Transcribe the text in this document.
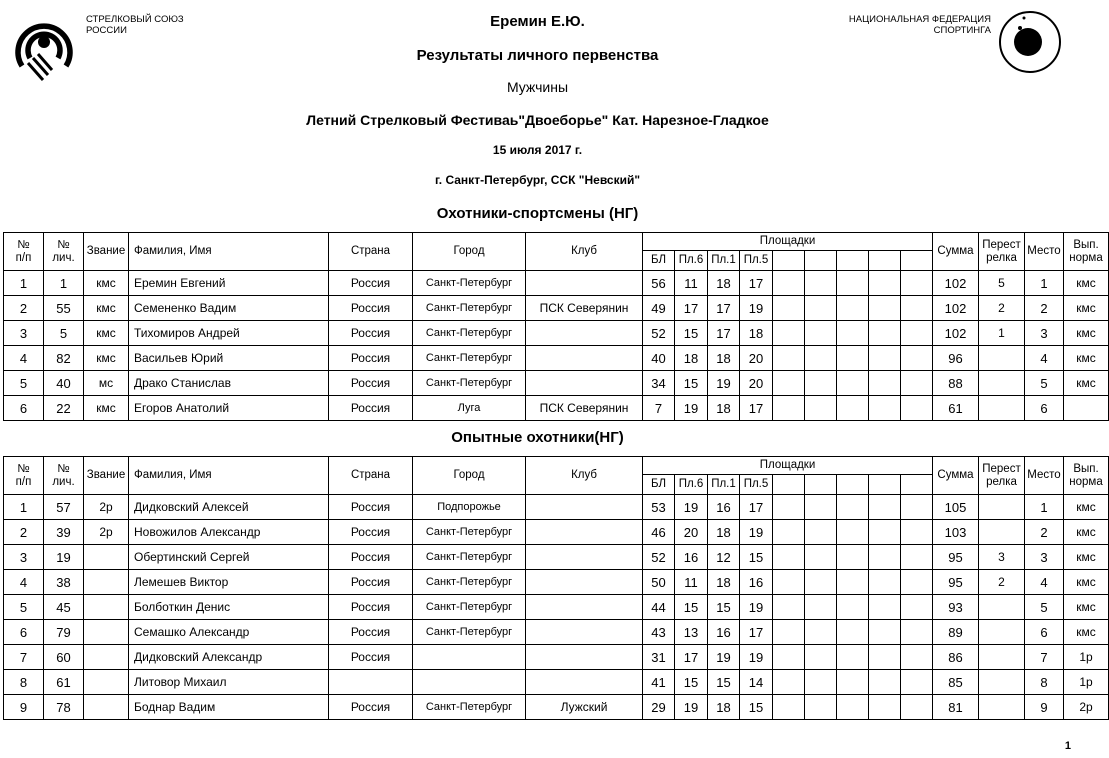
СТРЕЛКОВЫЙ СОЮЗ
РОССИИ
НАЦИОНАЛЬНАЯ ФЕДЕРАЦИЯ
СПОРТИНГА
Еремин Е.Ю.
Результаты личного первенства
Мужчины
Летний Стрелковый Фестиваь"Двоеборье" Кат. Нарезное-Гладкое
15 июля 2017 г.
г. Санкт-Петербург, ССК "Невский"
Охотники-спортсмены (НГ)
Опытные охотники(НГ)
№
п/п	№
лич.	Звание	Фамилия, Имя	Страна	Город	Клуб	Площадки									Сумма	Перест
релка	Место	Вып.
норма
							БЛ	Пл.6	Пл.1	Пл.5									
1	1	кмс	Еремин Евгений	Россия	Санкт-Петербург		56	11	18	17						102	5	1	кмс
2	55	кмс	Семененко Вадим	Россия	Санкт-Петербург	ПСК Северянин	49	17	17	19						102	2	2	кмс
3	5	кмс	Тихомиров Андрей	Россия	Санкт-Петербург		52	15	17	18						102	1	3	кмс
4	82	кмс	Васильев Юрий	Россия	Санкт-Петербург		40	18	18	20						96		4	кмс
5	40	мс	Драко Станислав	Россия	Санкт-Петербург		34	15	19	20						88		5	кмс
6	22	кмс	Егоров Анатолий	Россия	Луга	ПСК Северянин	7	19	18	17						61		6	
№
п/п	№
лич.	Звание	Фамилия, Имя	Страна	Город	Клуб	Площадки									Сумма	Перест
релка	Место	Вып.
норма
							БЛ	Пл.6	Пл.1	Пл.5									
1	57	2р	Дидковский Алексей	Россия	Подпорожье		53	19	16	17						105		1	кмс
2	39	2р	Новожилов Александр	Россия	Санкт-Петербург		46	20	18	19						103		2	кмс
3	19		Обертинский Сергей	Россия	Санкт-Петербург		52	16	12	15						95	3	3	кмс
4	38		Лемешев Виктор	Россия	Санкт-Петербург		50	11	18	16						95	2	4	кмс
5	45		Болботкин Денис	Россия	Санкт-Петербург		44	15	15	19						93		5	кмс
6	79		Семашко Александр	Россия	Санкт-Петербург		43	13	16	17						89		6	кмс
7	60		Дидковский Александр	Россия			31	17	19	19						86		7	1р
8	61		Литовор Михаил				41	15	15	14						85		8	1р
9	78		Боднар Вадим	Россия	Санкт-Петербург	Лужский	29	19	18	15						81		9	2р
1
